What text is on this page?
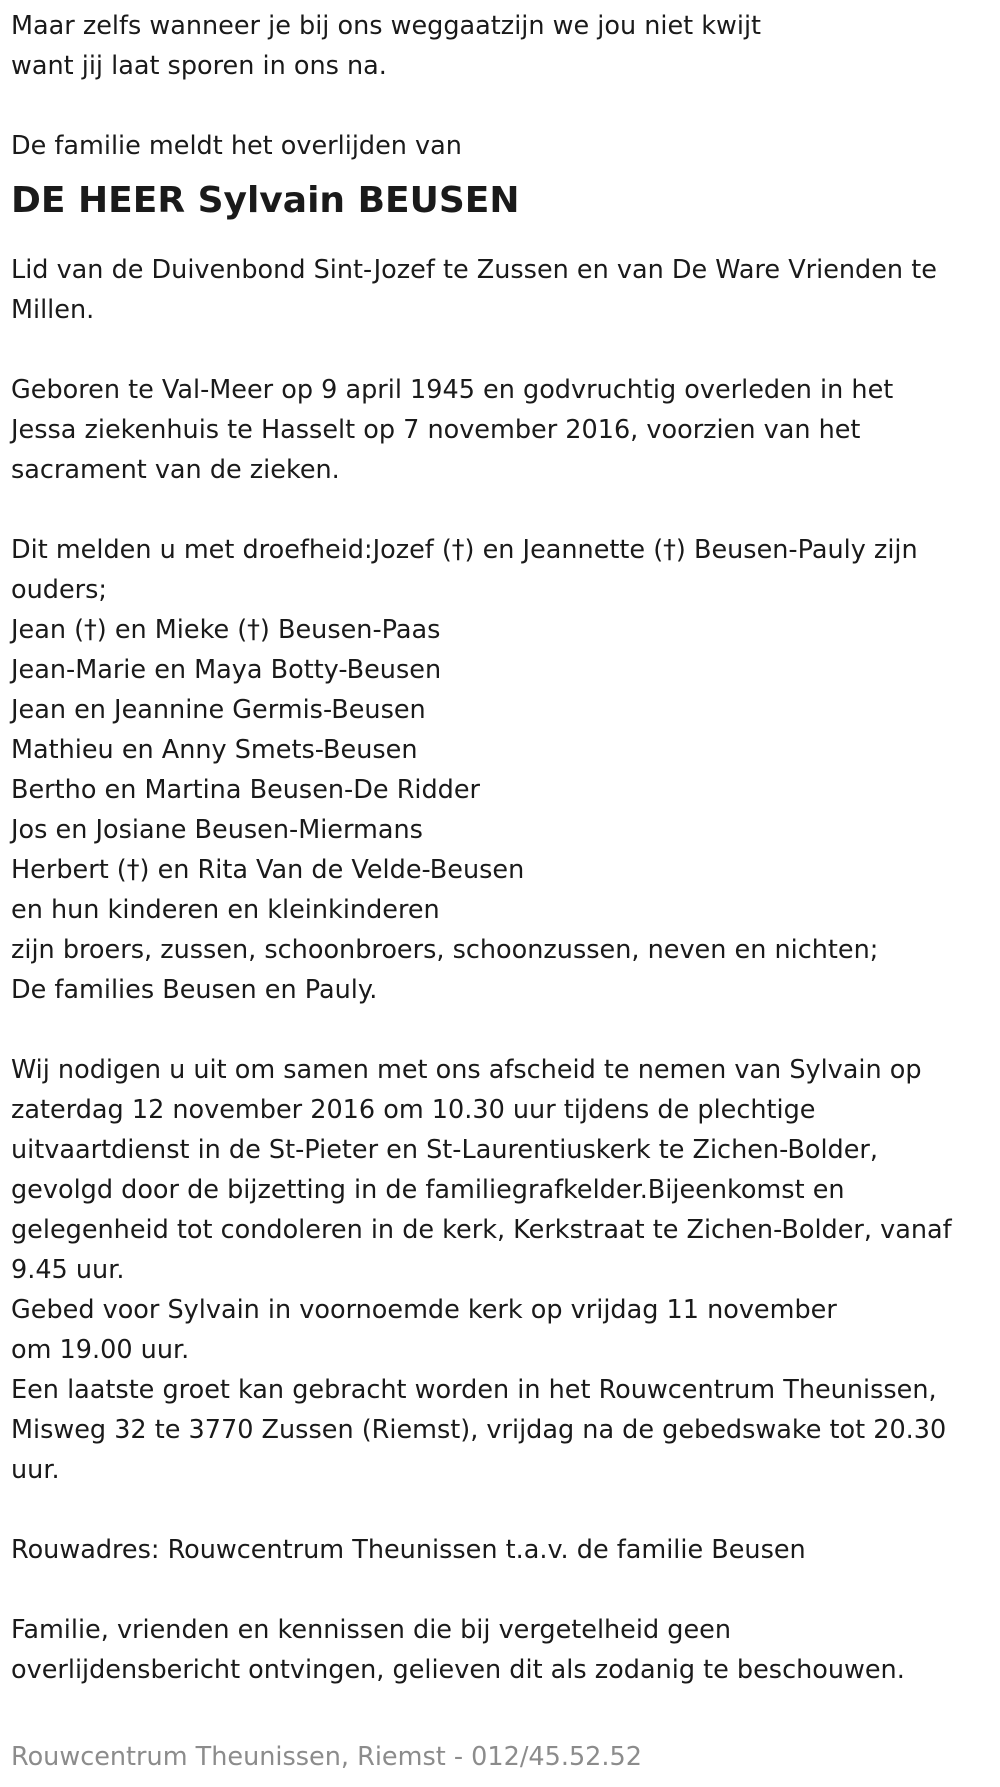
Maar zelfs wanneer je bij ons weggaatzijn we jou niet kwijt

want jij laat sporen in ons na.

De familie meldt het overlijden van

DE HEER Sylvain BEUSEN

Lid van de Duivenbond Sint-Jozef te Zussen en van De Ware Vrienden te

Millen.

Geboren te Val-Meer op 9 april 1945 en godvruchtig overleden in het

Jessa ziekenhuis te Hasselt op 7 november 2016, voorzien van het

sacrament van de zieken.

Dit melden u met droefheid:Jozef (†) en Jeannette (†) Beusen-Pauly zijn

ouders;

Jean (†) en Mieke (†) Beusen-Paas

Jean-Marie en Maya Botty-Beusen

Jean en Jeannine Germis-Beusen

Mathieu en Anny Smets-Beusen

Bertho en Martina Beusen-De Ridder

Jos en Josiane Beusen-Miermans

Herbert (†) en Rita Van de Velde-Beusen

en hun kinderen en kleinkinderen

zijn broers, zussen, schoonbroers, schoonzussen, neven en nichten;

De families Beusen en Pauly.

Wij nodigen u uit om samen met ons afscheid te nemen van Sylvain op

zaterdag 12 november 2016 om 10.30 uur tijdens de plechtige

uitvaartdienst in de St-Pieter en St-Laurentiuskerk te Zichen-Bolder,

gevolgd door de bijzetting in de familiegrafkelder.Bijeenkomst en

gelegenheid tot condoleren in de kerk, Kerkstraat te Zichen-Bolder, vanaf

9.45 uur.

Gebed voor Sylvain in voornoemde kerk op vrijdag 11 november

om 19.00 uur.

Een laatste groet kan gebracht worden in het Rouwcentrum Theunissen,

Misweg 32 te 3770 Zussen (Riemst), vrijdag na de gebedswake tot 20.30

uur.

Rouwadres: Rouwcentrum Theunissen t.a.v. de familie Beusen

Familie, vrienden en kennissen die bij vergetelheid geen

overlijdensbericht ontvingen, gelieven dit als zodanig te beschouwen.

Rouwcentrum Theunissen, Riemst - 012/45.52.52
